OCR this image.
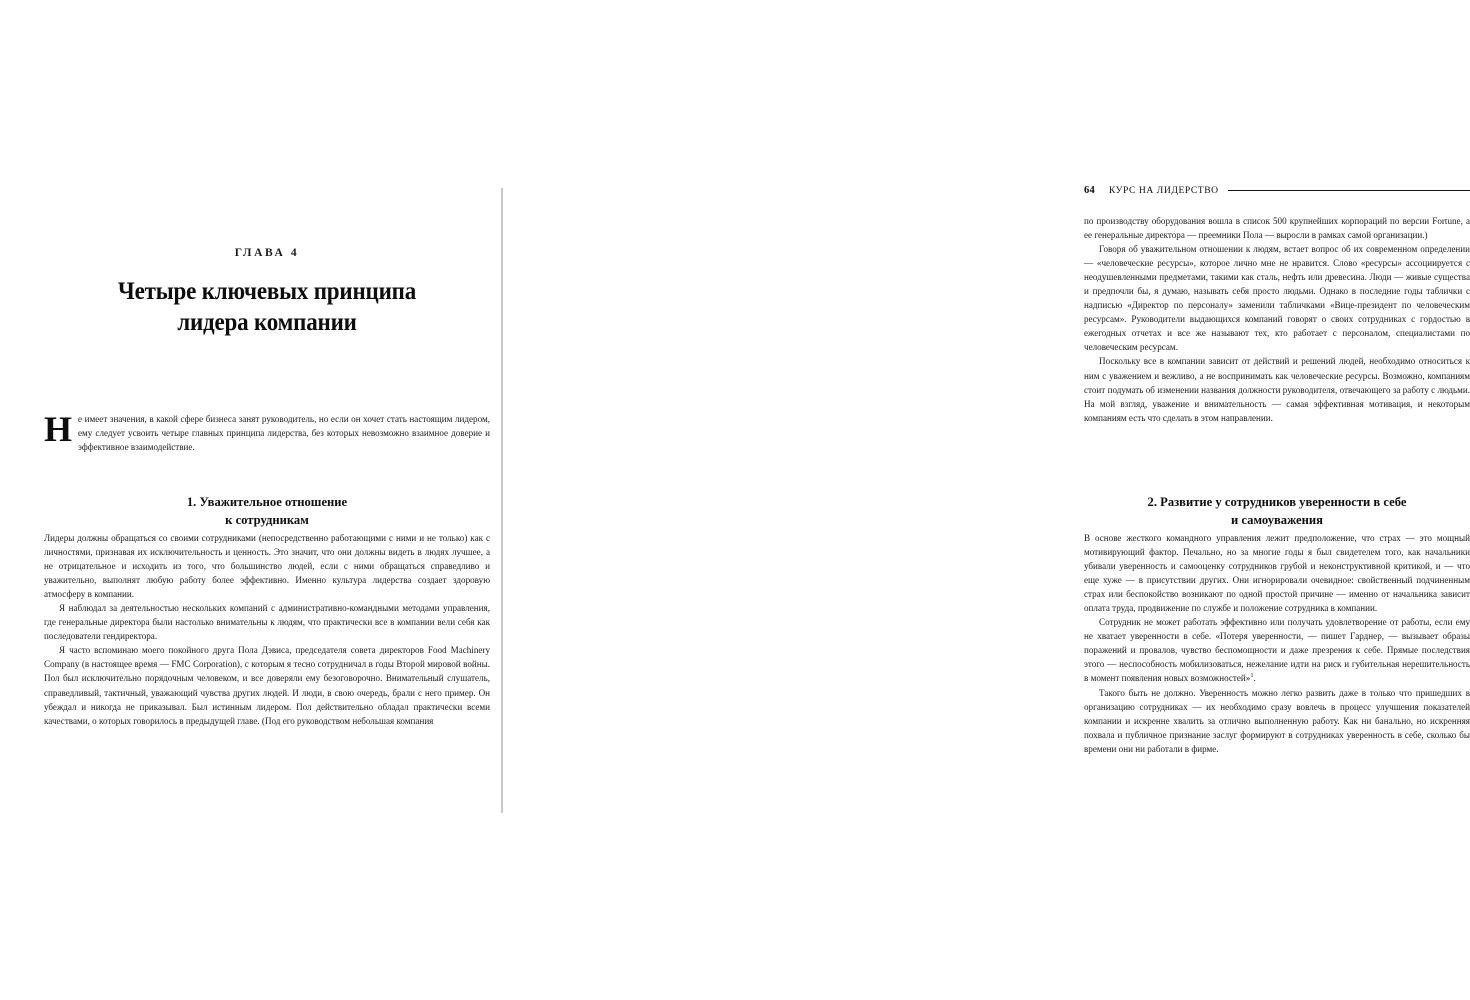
ГЛАВА 4
Четыре ключевых принципа
лидера компании

Не имеет значения, в какой сфере бизнеса занят руководитель, но если он хочет стать настоящим лидером, ему следует усвоить четыре главных принципа лидерства, без которых невозможно взаимное доверие и эффективное взаимодействие.

1. Уважительное отношение
к сотрудникам

Лидеры должны обращаться со своими сотрудниками (непосредственно работающими с ними и не только) как с личностями, признавая их исключительность и ценность. Это значит, что они должны видеть в людях лучшее, а не отрицательное и исходить из того, что большинство людей, если с ними обращаться справедливо и уважительно, выполнят любую работу более эффективно. Именно культура лидерства создает здоровую атмосферу в компании.

Я наблюдал за деятельностью нескольких компаний с административно-командными методами управления, где генеральные директора были настолько внимательны к людям, что практически все в компании вели себя как последователи гендиректора.

Я часто вспоминаю моего покойного друга Пола Дэвиса, председателя совета директоров Food Machinery Company (в настоящее время — FMC Corporation), с которым я тесно сотрудничал в годы Второй мировой войны. Пол был исключительно порядочным человеком, и все доверяли ему безоговорочно. Внимательный слушатель, справедливый, тактичный, уважающий чувства других людей. И люди, в свою очередь, брали с него пример. Он убеждал и никогда не приказывал. Был истинным лидером. Пол действительно обладал практически всеми качествами, о которых говорилось в предыдущей главе. (Под его руководством небольшая компания

64 КУРС НА ЛИДЕРСТВО

по производству оборудования вошла в список 500 крупнейших корпораций по версии Fortune, а ее генеральные директора — преемники Пола — выросли в рамках самой организации.)

Говоря об уважительном отношении к людям, встает вопрос об их современном определении — «человеческие ресурсы», которое лично мне не нравится. Слово «ресурсы» ассоциируется с неодушевленными предметами, такими как сталь, нефть или древесина. Люди — живые существа и предпочли бы, я думаю, называть себя просто людьми. Однако в последние годы таблички с надписью «Директор по персоналу» заменили табличками «Вице-президент по человеческим ресурсам». Руководители выдающихся компаний говорят о своих сотрудниках с гордостью в ежегодных отчетах и все же называют тех, кто работает с персоналом, специалистами по человеческим ресурсам.

Поскольку все в компании зависит от действий и решений людей, необходимо относиться к ним с уважением и вежливо, а не воспринимать как человеческие ресурсы. Возможно, компаниям стоит подумать об изменении названия должности руководителя, отвечающего за работу с людьми. На мой взгляд, уважение и внимательность — самая эффективная мотивация, и некоторым компаниям есть что сделать в этом направлении.

2. Развитие у сотрудников уверенности в себе
и самоуважения

В основе жесткого командного управления лежит предположение, что страх — это мощный мотивирующий фактор. Печально, но за многие годы я был свидетелем того, как начальники убивали уверенность и самооценку сотрудников грубой и неконструктивной критикой, и — что еще хуже — в присутствии других. Они игнорировали очевидное: свойственный подчиненным страх или беспокойство возникают по одной простой причине — именно от начальника зависит оплата труда, продвижение по службе и положение сотрудника в компании.

Сотрудник не может работать эффективно или получать удовлетворение от работы, если ему не хватает уверенности в себе. «Потеря уверенности, — пишет Гарднер, — вызывает образы поражений и провалов, чувство беспомощности и даже презрения к себе. Прямые последствия этого — неспособность мобилизоваться, нежелание идти на риск и губительная нерешительность в момент появления новых возможностей»$^1$.

Такого быть не должно. Уверенность можно легко развить даже в только что пришедших в организацию сотрудниках — их необходимо сразу вовлечь в процесс улучшения показателей компании и искренне хвалить за отлично выполненную работу. Как ни банально, но искренняя похвала и публичное признание заслуг формируют в сотрудниках уверенность в себе, сколько бы времени они ни работали в фирме.
